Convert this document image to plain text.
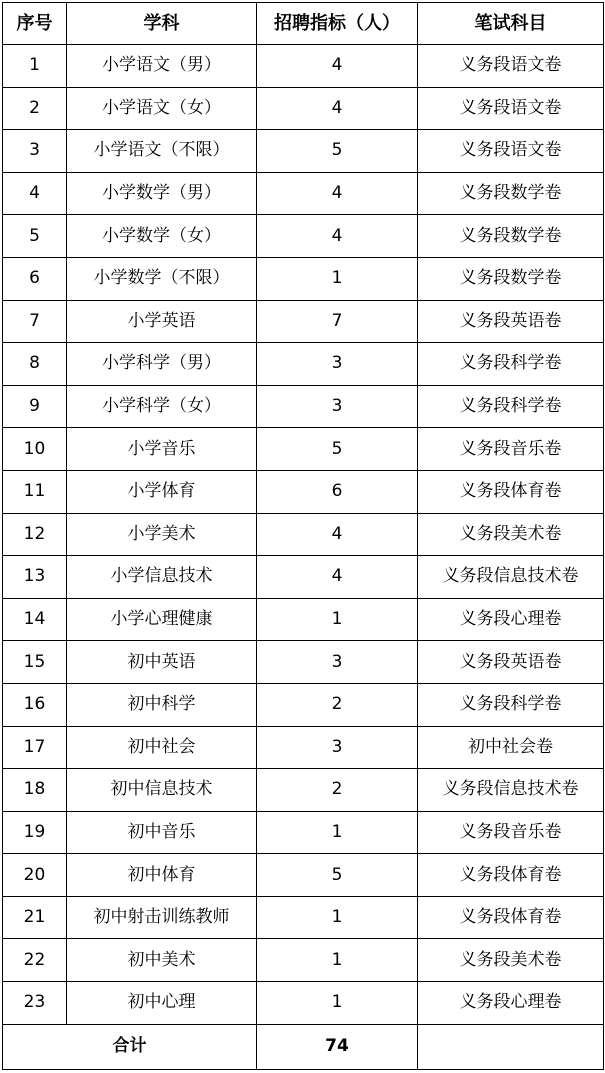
序号	学科	招聘指标（人）	笔试科目
1	小学语文（男）	4	义务段语文卷
2	小学语文（女）	4	义务段语文卷
3	小学语文（不限）	5	义务段语文卷
4	小学数学（男）	4	义务段数学卷
5	小学数学（女）	4	义务段数学卷
6	小学数学（不限）	1	义务段数学卷
7	小学英语	7	义务段英语卷
8	小学科学（男）	3	义务段科学卷
9	小学科学（女）	3	义务段科学卷
10	小学音乐	5	义务段音乐卷
11	小学体育	6	义务段体育卷
12	小学美术	4	义务段美术卷
13	小学信息技术	4	义务段信息技术卷
14	小学心理健康	1	义务段心理卷
15	初中英语	3	义务段英语卷
16	初中科学	2	义务段科学卷
17	初中社会	3	初中社会卷
18	初中信息技术	2	义务段信息技术卷
19	初中音乐	1	义务段音乐卷
20	初中体育	5	义务段体育卷
21	初中射击训练教师	1	义务段体育卷
22	初中美术	1	义务段美术卷
23	初中心理	1	义务段心理卷
合计		74	
